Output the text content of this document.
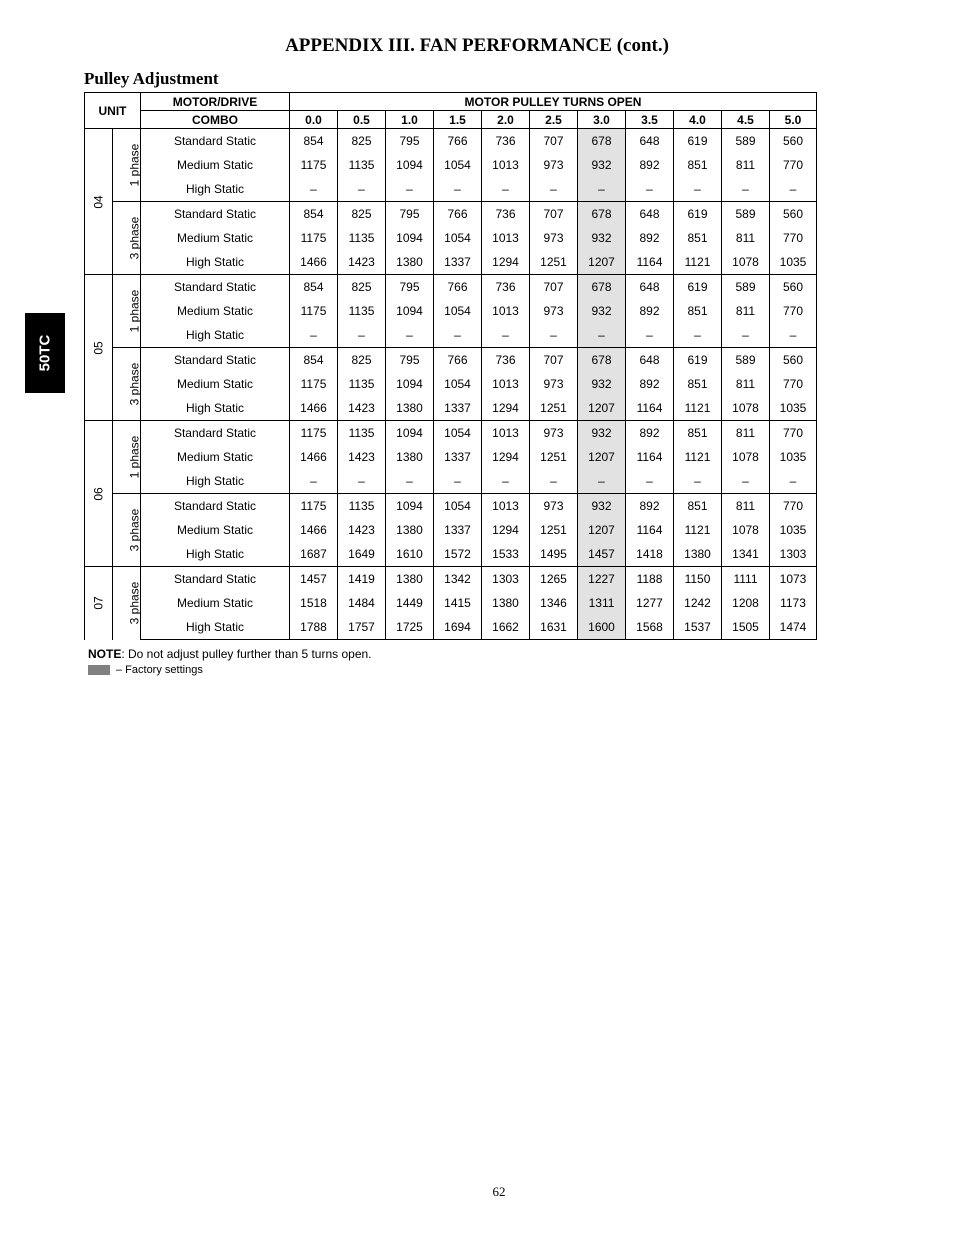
APPENDIX III. FAN PERFORMANCE (cont.)
Pulley Adjustment
50TC
UNIT		MOTOR/DRIVE	MOTOR PULLEY TURNS OPEN										
		COMBO	0.0	0.5	1.0	1.5	2.0	2.5	3.0	3.5	4.0	4.5	5.0
04	1 phase	Standard Static	854	825	795	766	736	707	678	648	619	589	560
		Medium Static	1175	1135	1094	1054	1013	973	932	892	851	811	770
		High Static	–	–	–	–	–	–	–	–	–	–	–
	3 phase	Standard Static	854	825	795	766	736	707	678	648	619	589	560
		Medium Static	1175	1135	1094	1054	1013	973	932	892	851	811	770
		High Static	1466	1423	1380	1337	1294	1251	1207	1164	1121	1078	1035
05	1 phase	Standard Static	854	825	795	766	736	707	678	648	619	589	560
		Medium Static	1175	1135	1094	1054	1013	973	932	892	851	811	770
		High Static	–	–	–	–	–	–	–	–	–	–	–
	3 phase	Standard Static	854	825	795	766	736	707	678	648	619	589	560
		Medium Static	1175	1135	1094	1054	1013	973	932	892	851	811	770
		High Static	1466	1423	1380	1337	1294	1251	1207	1164	1121	1078	1035
06	1 phase	Standard Static	1175	1135	1094	1054	1013	973	932	892	851	811	770
		Medium Static	1466	1423	1380	1337	1294	1251	1207	1164	1121	1078	1035
		High Static	–	–	–	–	–	–	–	–	–	–	–
	3 phase	Standard Static	1175	1135	1094	1054	1013	973	932	892	851	811	770
		Medium Static	1466	1423	1380	1337	1294	1251	1207	1164	1121	1078	1035
		High Static	1687	1649	1610	1572	1533	1495	1457	1418	1380	1341	1303
07	3 phase	Standard Static	1457	1419	1380	1342	1303	1265	1227	1188	1150	1111	1073
		Medium Static	1518	1484	1449	1415	1380	1346	1311	1277	1242	1208	1173
		High Static	1788	1757	1725	1694	1662	1631	1600	1568	1537	1505	1474
NOTE: Do not adjust pulley further than 5 turns open.
– Factory settings
62
